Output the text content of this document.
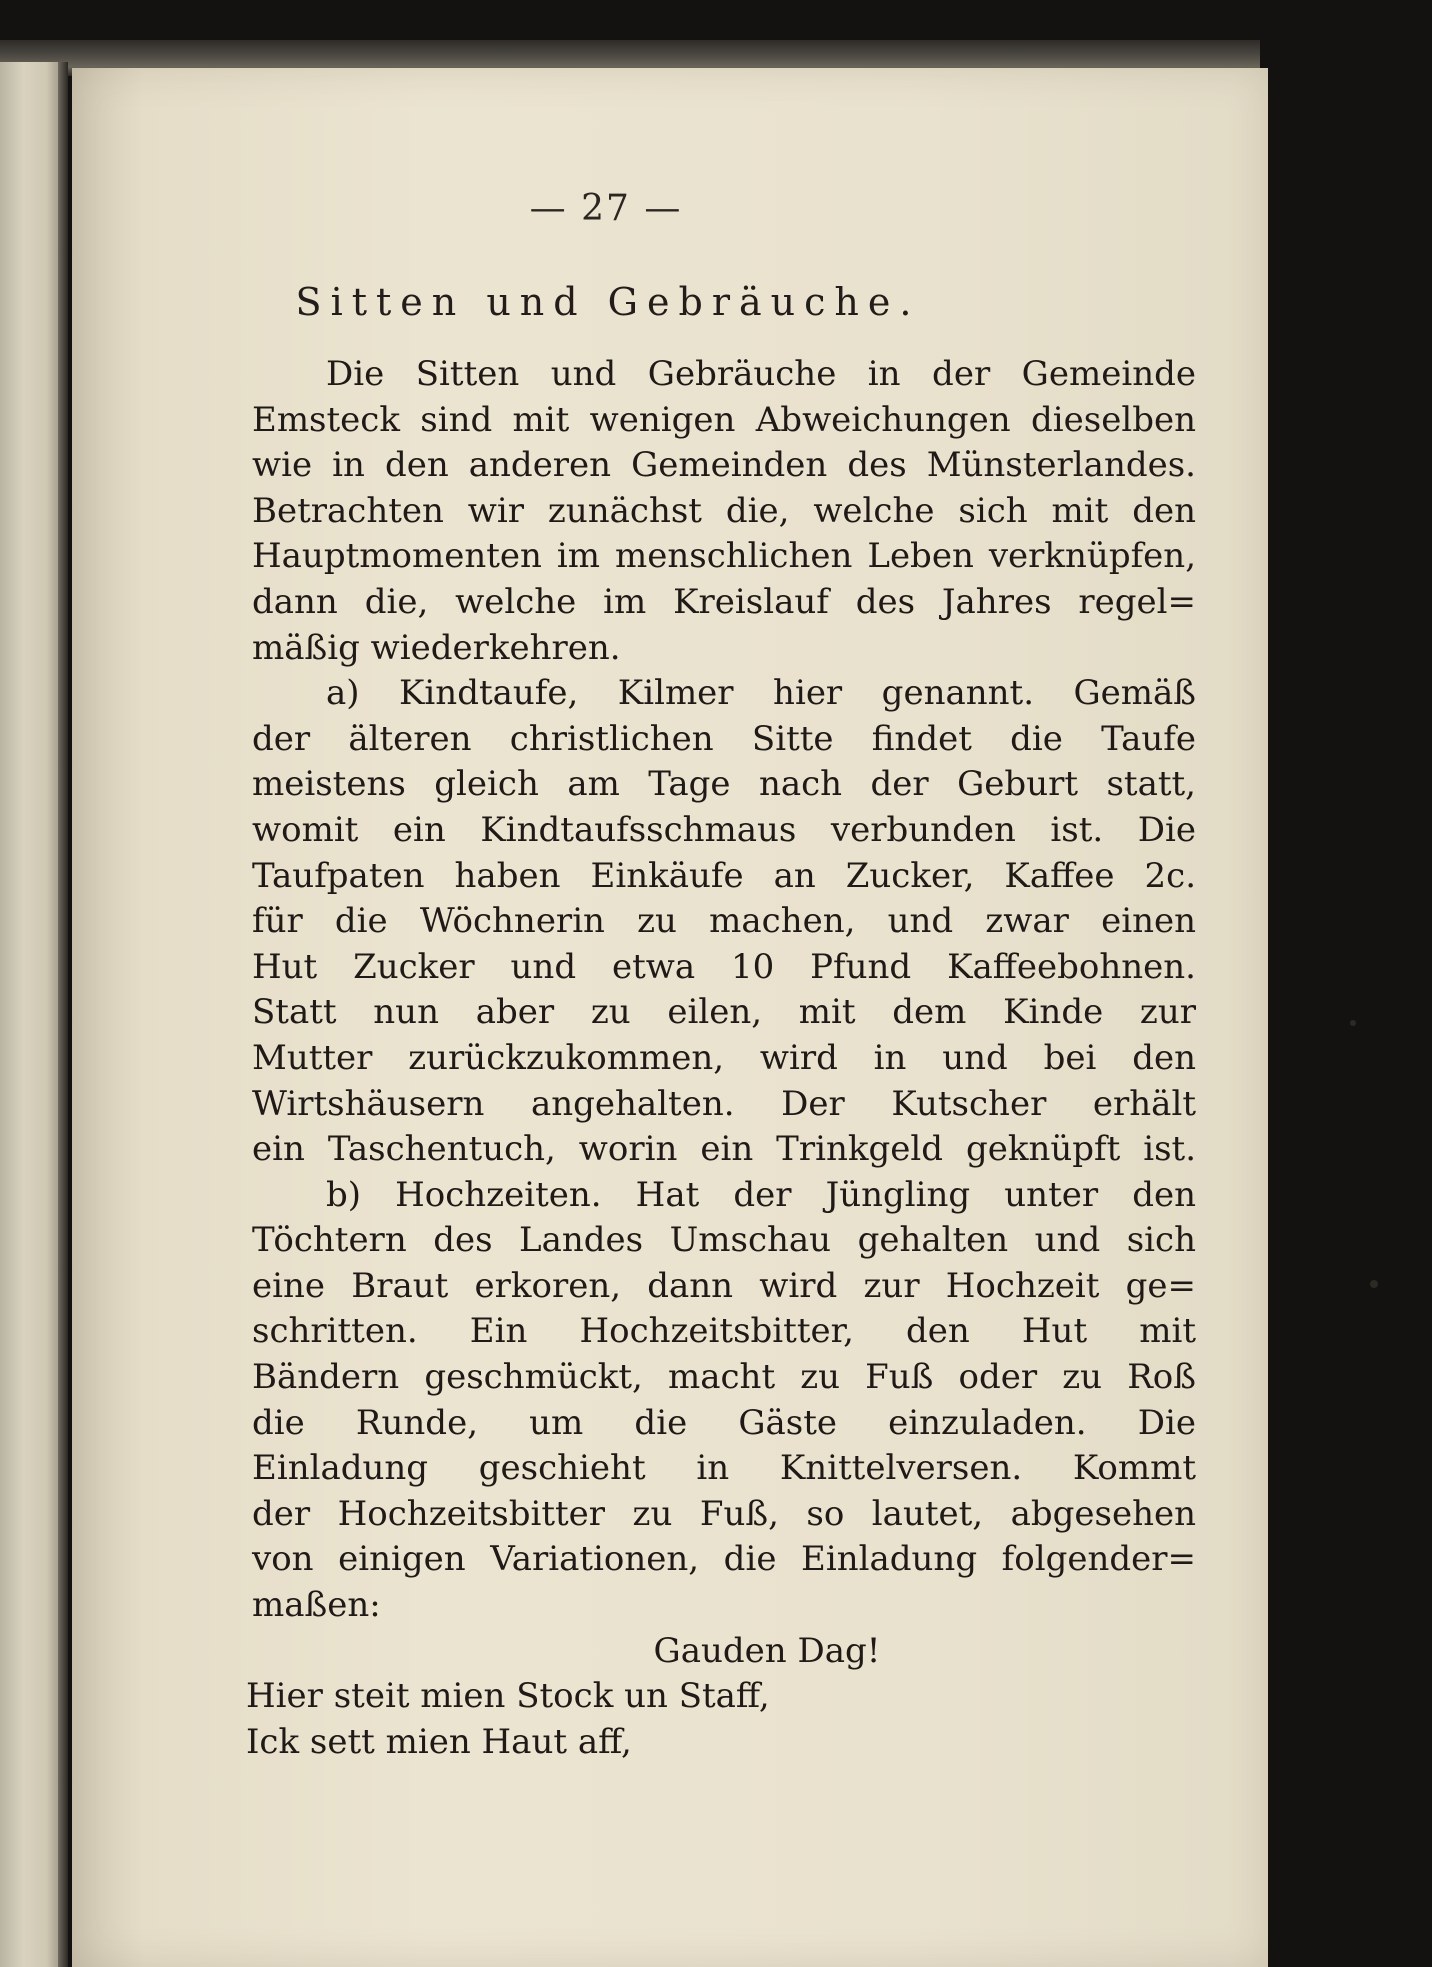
— 27 —
Sitten und Gebräuche.
Die Sitten und Gebräuche in der Gemeinde
Emsteck sind mit wenigen Abweichungen dieselben
wie in den anderen Gemeinden des Münsterlandes.
Betrachten wir zunächst die, welche sich mit den
Hauptmomenten im menschlichen Leben verknüpfen,
dann die, welche im Kreislauf des Jahres regel=
mäßig wiederkehren.
a) Kindtaufe, Kilmer hier genannt. Gemäß
der älteren christlichen Sitte findet die Taufe
meistens gleich am Tage nach der Geburt statt,
womit ein Kindtaufsschmaus verbunden ist. Die
Taufpaten haben Einkäufe an Zucker, Kaffee 2c.
für die Wöchnerin zu machen, und zwar einen
Hut Zucker und etwa 10 Pfund Kaffeebohnen.
Statt nun aber zu eilen, mit dem Kinde zur
Mutter zurückzukommen, wird in und bei den
Wirtshäusern angehalten. Der Kutscher erhält
ein Taschentuch, worin ein Trinkgeld geknüpft ist.
b) Hochzeiten. Hat der Jüngling unter den
Töchtern des Landes Umschau gehalten und sich
eine Braut erkoren, dann wird zur Hochzeit ge=
schritten. Ein Hochzeitsbitter, den Hut mit
Bändern geschmückt, macht zu Fuß oder zu Roß
die Runde, um die Gäste einzuladen. Die
Einladung geschieht in Knittelversen. Kommt
der Hochzeitsbitter zu Fuß, so lautet, abgesehen
von einigen Variationen, die Einladung folgender=
maßen:
Gauden Dag!
Hier steit mien Stock un Staff,
Ick sett mien Haut aff,
